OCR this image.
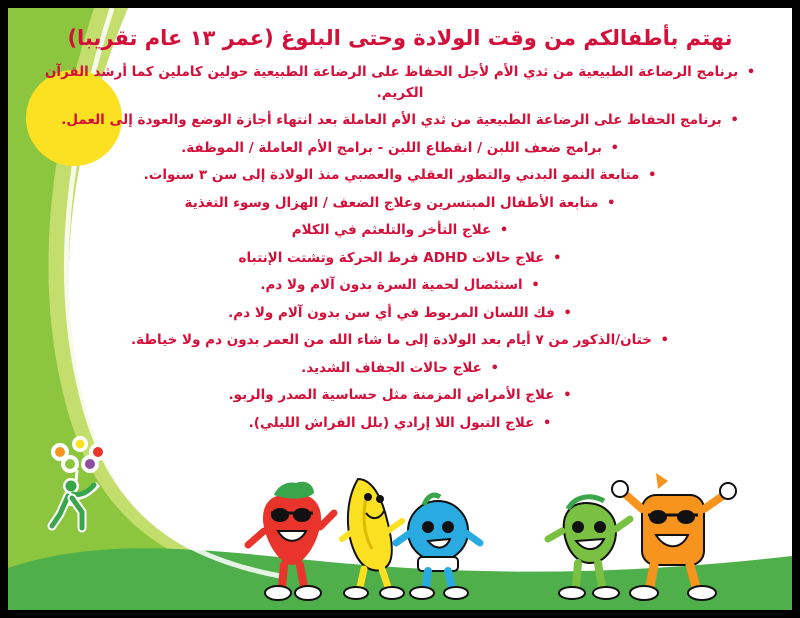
نهتم بأطفالكم من وقت الولادة وحتى البلوغ (عمر ١٣ عام تقريبا)
• برنامج الرضاعة الطبيعية من ثدي الأم لأجل الحفاظ على الرضاعة الطبيعية حولين كاملين كما أرشد القرآن الكريم.
• برنامج الحفاظ على الرضاعة الطبيعية من ثدي الأم العاملة بعد انتهاء أجازة الوضع والعودة إلى العمل.
• برامج ضعف اللبن / انقطاع اللبن - برامج الأم العاملة / الموظفة.
• متابعة النمو البدني والتطور العقلي والعصبي منذ الولادة إلى سن ٣ سنوات.
• متابعة الأطفال المبتسرين وعلاج الضعف / الهزال وسوء التغذية
• علاج التأخر والتلعثم في الكلام
• علاج حالات ADHD فرط الحركة وتشتت الإنتباه
• استئصال لحمية السرة بدون آلام ولا دم.
• فك اللسان المربوط في أي سن بدون آلام ولا دم.
• ختان/الذكور من ٧ أيام بعد الولادة إلى ما شاء الله من العمر بدون دم ولا خياطة.
• علاج حالات الجفاف الشديد.
• علاج الأمراض المزمنة مثل حساسية الصدر والربو.
• علاج التبول اللا إرادي (بلل الفراش الليلي).
